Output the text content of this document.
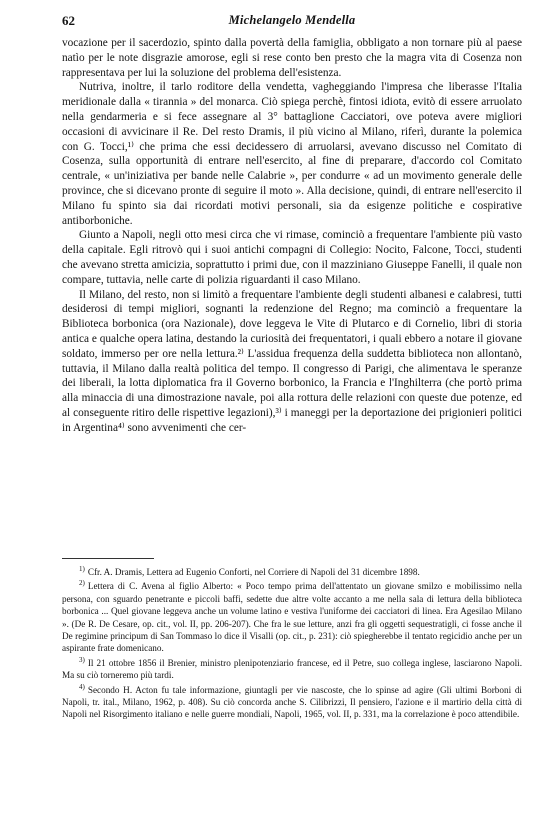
62	Michelangelo Mendella

vocazione per il sacerdozio, spinto dalla povertà della famiglia, obbligato a non tornare più al paese natìo per le note disgrazie amorose, egli si rese conto ben presto che la magra vita di Cosenza non rappresentava per lui la soluzione del problema dell'esistenza.

Nutriva, inoltre, il tarlo roditore della vendetta, vagheggiando l'impresa che liberasse l'Italia meridionale dalla « tirannia » del monarca. Ciò spiega perchè, fintosi idiota, evitò di essere arruolato nella gendarmeria e si fece assegnare al 3° battaglione Cacciatori, ove poteva avere migliori occasioni di avvicinare il Re. Del resto Dramis, il più vicino al Milano, riferì, durante la polemica con G. Tocci,¹⁾ che prima che essi decidessero di arruolarsi, avevano discusso nel Comitato di Cosenza, sulla opportunità di entrare nell'esercito, al fine di preparare, d'accordo col Comitato centrale, « un'iniziativa per bande nelle Calabrie », per condurre « ad un movimento generale delle province, che si dicevano pronte di seguire il moto ». Alla decisione, quindi, di entrare nell'esercito il Milano fu spinto sia dai ricordati motivi personali, sia da esigenze politiche e cospirative antiborboniche.

Giunto a Napoli, negli otto mesi circa che vi rimase, cominciò a frequentare l'ambiente più vasto della capitale. Egli ritrovò qui i suoi antichi compagni di Collegio: Nocito, Falcone, Tocci, studenti che avevano stretta amicizia, soprattutto i primi due, con il mazziniano Giuseppe Fanelli, il quale non compare, tuttavia, nelle carte di polizia riguardanti il caso Milano.

Il Milano, del resto, non si limitò a frequentare l'ambiente degli studenti albanesi e calabresi, tutti desiderosi di tempi migliori, sognanti la redenzione del Regno; ma cominciò a frequentare la Biblioteca borbonica (ora Nazionale), dove leggeva le Vite di Plutarco e di Cornelio, libri di storia antica e qualche opera latina, destando la curiosità dei frequentatori, i quali ebbero a notare il giovane soldato, immerso per ore nella lettura.²⁾ L'assidua frequenza della suddetta biblioteca non allontanò, tuttavia, il Milano dalla realtà politica del tempo. Il congresso di Parigi, che alimentava le speranze dei liberali, la lotta diplomatica fra il Governo borbonico, la Francia e l'Inghilterra (che portò prima alla minaccia di una dimostrazione navale, poi alla rottura delle relazioni con queste due potenze, ed al conseguente ritiro delle rispettive legazioni),³⁾ i maneggi per la deportazione dei prigionieri politici in Argentina⁴⁾ sono avvenimenti che cer-

$^{1)}$ Cfr. A. Dramis, Lettera ad Eugenio Conforti, nel Corriere di Napoli del 31 dicembre 1898.

$^{2)}$ Lettera di C. Avena al figlio Alberto: « Poco tempo prima dell'attentato un giovane smilzo e mobilissimo nella persona, con sguardo penetrante e piccoli baffi, sedette due altre volte accanto a me nella sala di lettura della biblioteca borbonica ... Quel giovane leggeva anche un volume latino e vestiva l'uniforme dei cacciatori di linea. Era Agesilao Milano ». (De R. De Cesare, op. cit., vol. II, pp. 206-207). Che fra le sue letture, anzi fra gli oggetti sequestratigli, ci fosse anche il De regimine principum di San Tommaso lo dice il Visalli (op. cit., p. 231): ciò spiegherebbe il tentato regicidio anche per un aspirante frate domenicano.

$^{3)}$ Il 21 ottobre 1856 il Brenier, ministro plenipotenziario francese, ed il Petre, suo collega inglese, lasciarono Napoli. Ma su ciò torneremo più tardi.

$^{4)}$ Secondo H. Acton fu tale informazione, giuntagli per vie nascoste, che lo spinse ad agire (Gli ultimi Borboni di Napoli, tr. ital., Milano, 1962, p. 408). Su ciò concorda anche S. Cilibrizzi, Il pensiero, l'azione e il martirio della città di Napoli nel Risorgimento italiano e nelle guerre mondiali, Napoli, 1965, vol. II, p. 331, ma la correlazione è poco attendibile.
